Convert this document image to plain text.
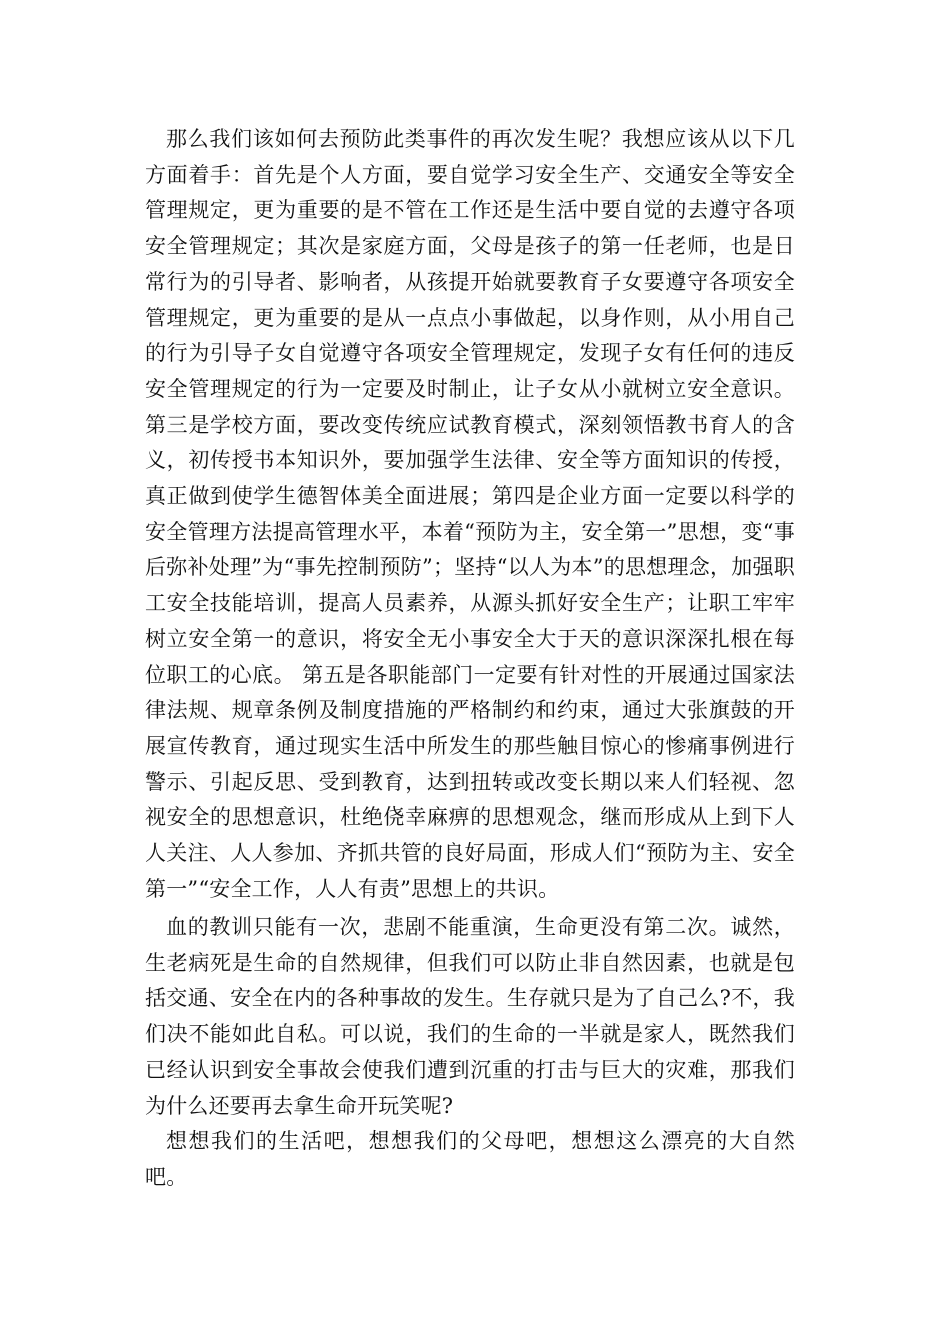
那么我们该如何去预防此类事件的再次发生呢？我想应该从以下几方面着手：首先是个人方面，要自觉学习安全生产、交通安全等安全管理规定，更为重要的是不管在工作还是生活中要自觉的去遵守各项安全管理规定；其次是家庭方面，父母是孩子的第一任老师，也是日常行为的引导者、影响者，从孩提开始就要教育子女要遵守各项安全管理规定，更为重要的是从一点点小事做起，以身作则，从小用自己的行为引导子女自觉遵守各项安全管理规定，发现子女有任何的违反安全管理规定的行为一定要及时制止，让子女从小就树立安全意识。第三是学校方面，要改变传统应试教育模式，深刻领悟教书育人的含义，初传授书本知识外，要加强学生法律、安全等方面知识的传授，真正做到使学生德智体美全面进展；第四是企业方面一定要以科学的安全管理方法提高管理水平，本着“预防为主，安全第一”思想，变“事后弥补处理”为“事先控制预防”；坚持“以人为本”的思想理念，加强职工安全技能培训，提高人员素养，从源头抓好安全生产；让职工牢牢树立安全第一的意识，将安全无小事安全大于天的意识深深扎根在每位职工的心底。 第五是各职能部门一定要有针对性的开展通过国家法律法规、规章条例及制度措施的严格制约和约束，通过大张旗鼓的开展宣传教育，通过现实生活中所发生的那些触目惊心的惨痛事例进行警示、引起反思、受到教育，达到扭转或改变长期以来人们轻视、忽视安全的思想意识，杜绝侥幸麻痹的思想观念，继而形成从上到下人人关注、人人参加、齐抓共管的良好局面，形成人们“预防为主、安全第一”“安全工作，人人有责”思想上的共识。

血的教训只能有一次，悲剧不能重演，生命更没有第二次。诚然，生老病死是生命的自然规律，但我们可以防止非自然因素，也就是包括交通、安全在内的各种事故的发生。生存就只是为了自己么?不，我们决不能如此自私。可以说，我们的生命的一半就是家人，既然我们已经认识到安全事故会使我们遭到沉重的打击与巨大的灾难，那我们为什么还要再去拿生命开玩笑呢?

想想我们的生活吧，想想我们的父母吧，想想这么漂亮的大自然吧。
